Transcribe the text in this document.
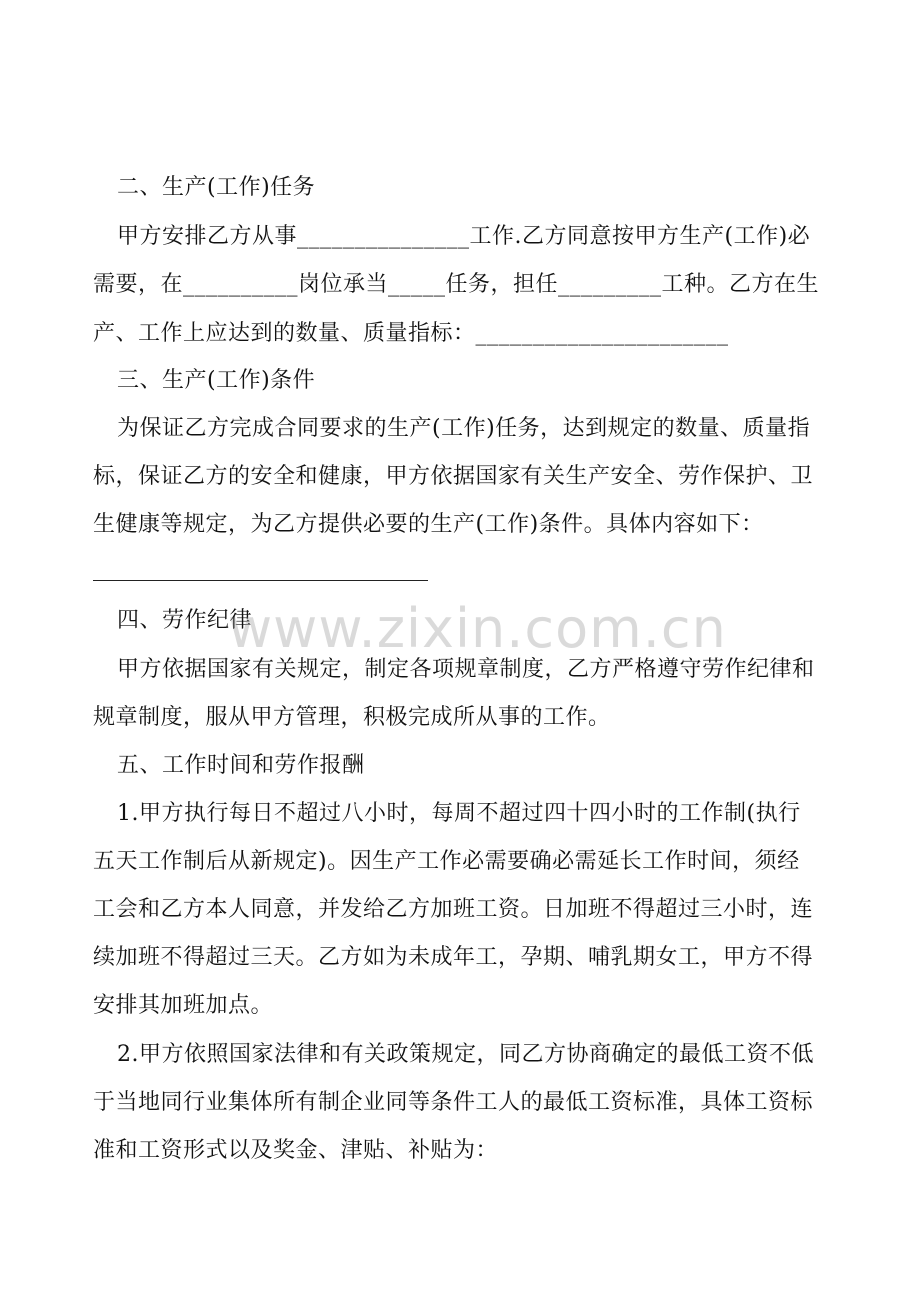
二、生产(工作)任务
甲方安排乙方从事_______________工作.乙方同意按甲方生产(工作)必
需要，在__________岗位承当_____任务，担任_________工种。乙方在生
产、工作上应达到的数量、质量指标：______________________
三、生产(工作)条件
为保证乙方完成合同要求的生产(工作)任务，达到规定的数量、质量指
标，保证乙方的安全和健康，甲方依据国家有关生产安全、劳作保护、卫
生健康等规定，为乙方提供必要的生产(工作)条件。具体内容如下：
四、劳作纪律
甲方依据国家有关规定，制定各项规章制度，乙方严格遵守劳作纪律和
规章制度，服从甲方管理，积极完成所从事的工作。
五、工作时间和劳作报酬
1.甲方执行每日不超过八小时，每周不超过四十四小时的工作制(执行
五天工作制后从新规定)。因生产工作必需要确必需延长工作时间，须经
工会和乙方本人同意，并发给乙方加班工资。日加班不得超过三小时，连
续加班不得超过三天。乙方如为未成年工，孕期、哺乳期女工，甲方不得
安排其加班加点。
2.甲方依照国家法律和有关政策规定，同乙方协商确定的最低工资不低
于当地同行业集体所有制企业同等条件工人的最低工资标准，具体工资标
准和工资形式以及奖金、津贴、补贴为：
www.zixin.com.cn
